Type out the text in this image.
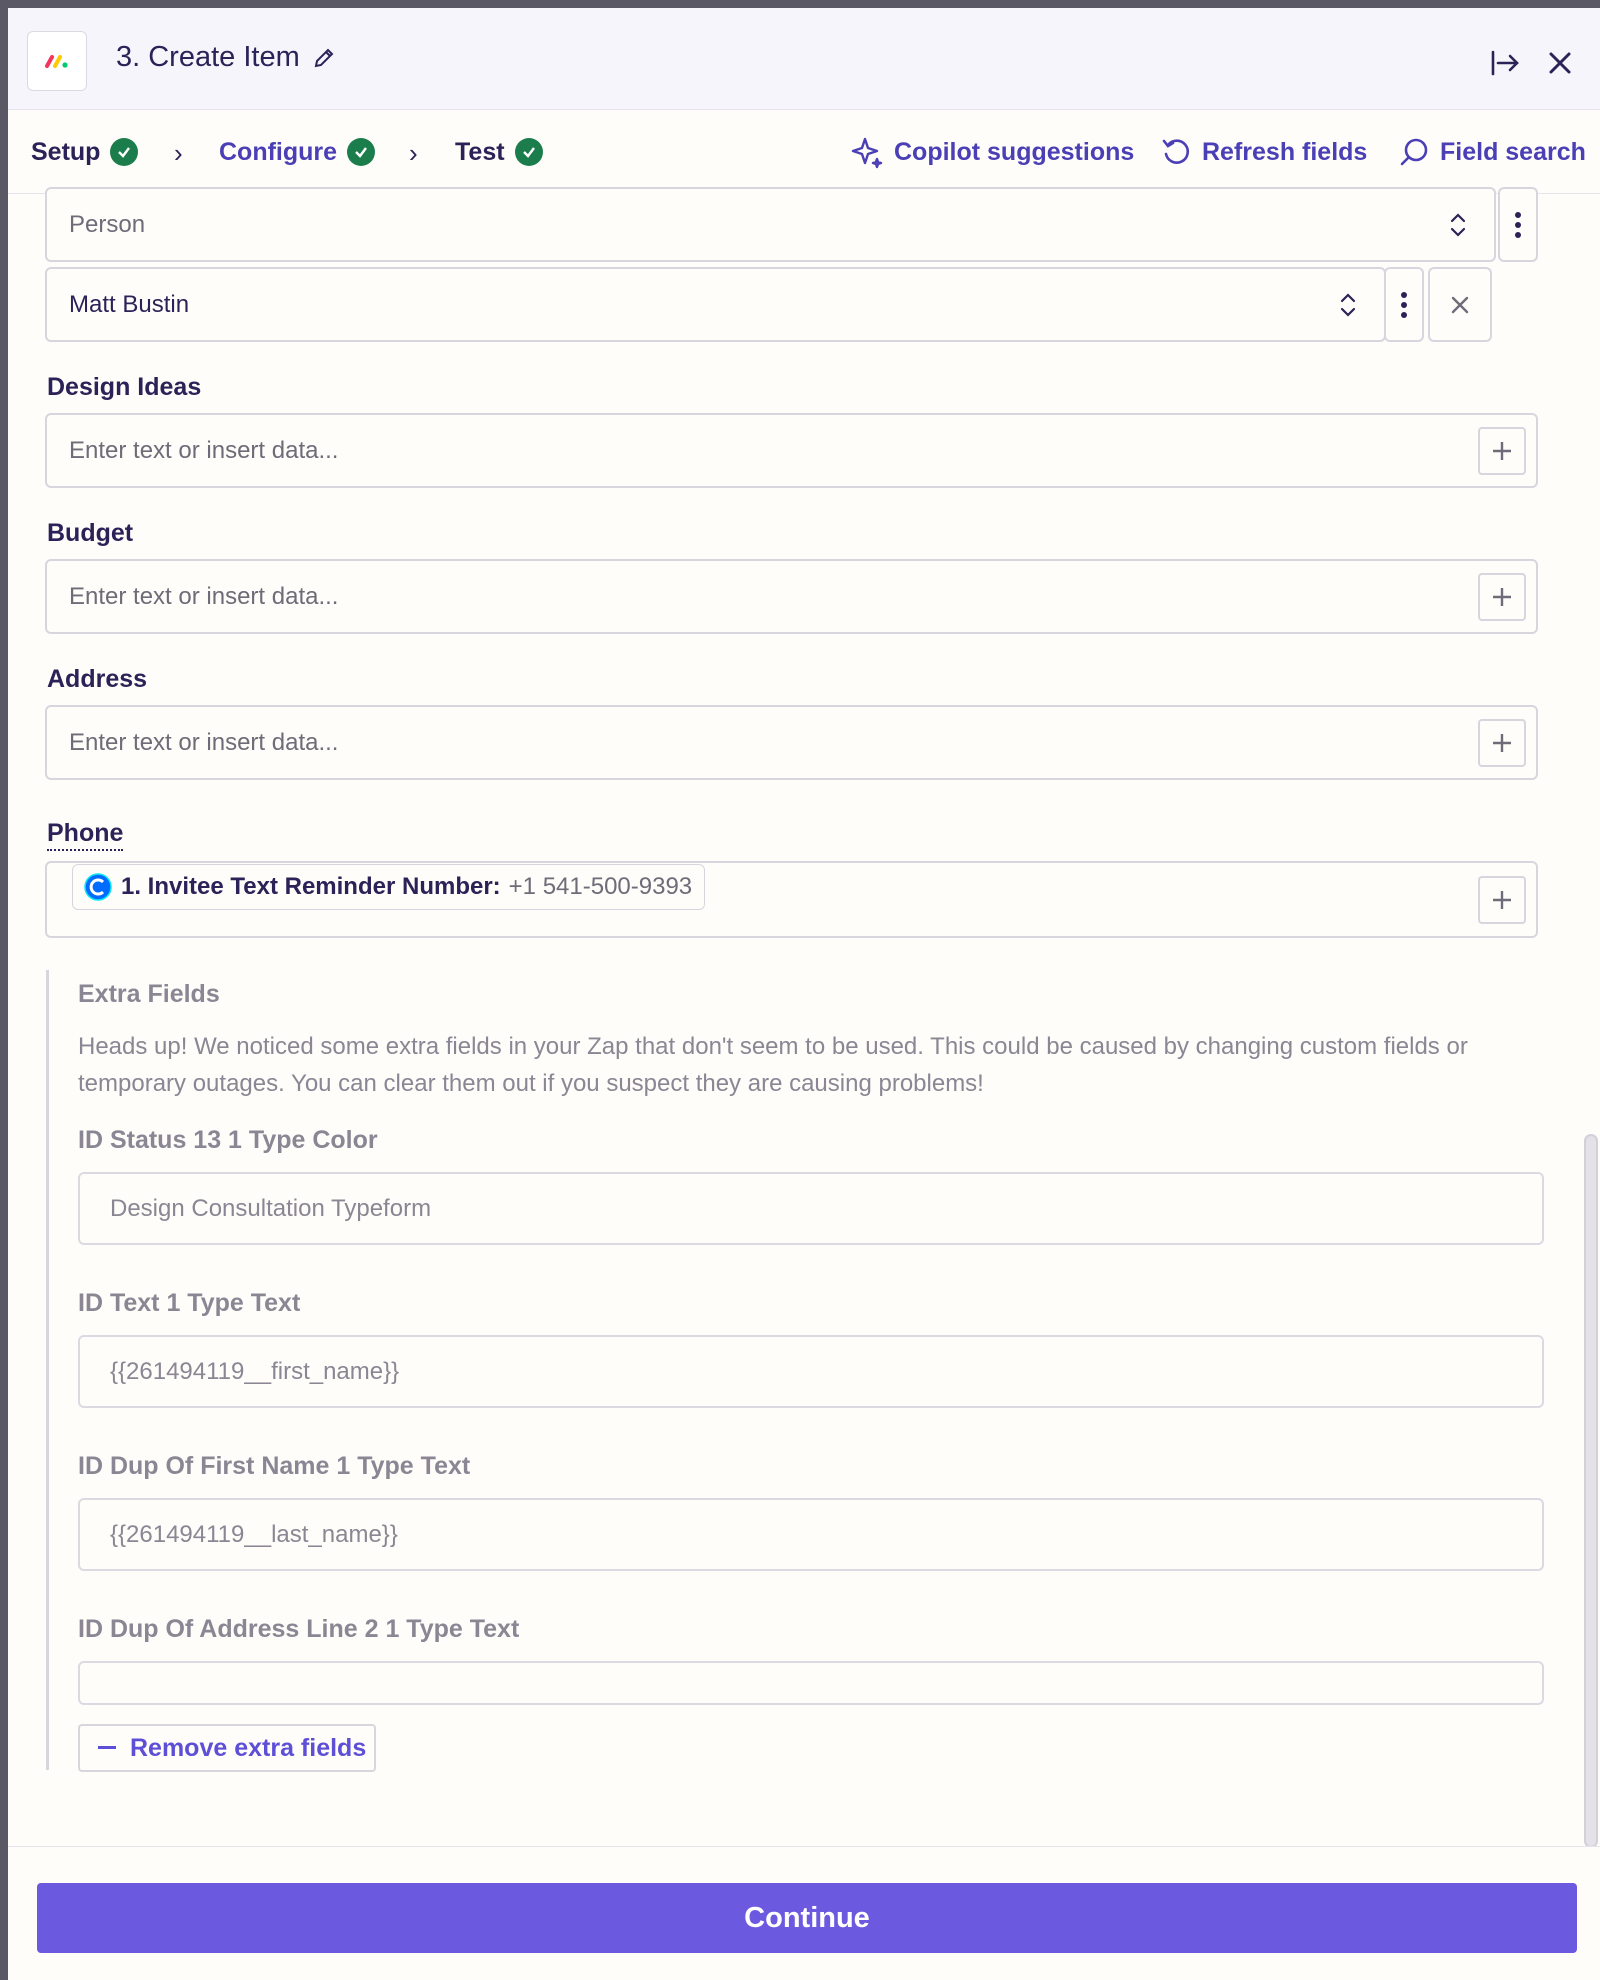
3. Create Item
Setup	› Configure	› Test	Copilot suggestions	Refresh fields	Field search
Person
Matt Bustin
Design Ideas
Enter text or insert data...
Budget
Enter text or insert data...
Address
Enter text or insert data...
Phone
1. Invitee Text Reminder Number: +1 541-500-9393
Extra Fields
Heads up! We noticed some extra fields in your Zap that don't seem to be used. This could be caused by changing custom fields or temporary outages. You can clear them out if you suspect they are causing problems!
ID Status 13 1 Type Color
Design Consultation Typeform
ID Text 1 Type Text
{{261494119__first_name}}
ID Dup Of First Name 1 Type Text
{{261494119__last_name}}
ID Dup Of Address Line 2 1 Type Text
Remove extra fields
Continue
